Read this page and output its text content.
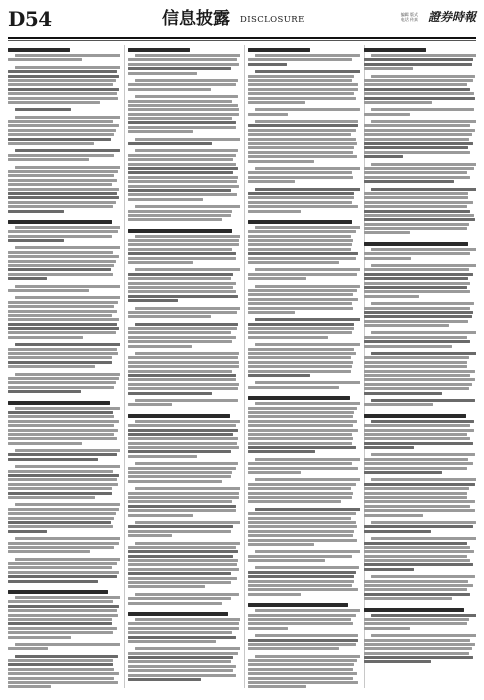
D54	信息披露 DISCLOSURE
编辑 版式
电话 传真 證券時報
